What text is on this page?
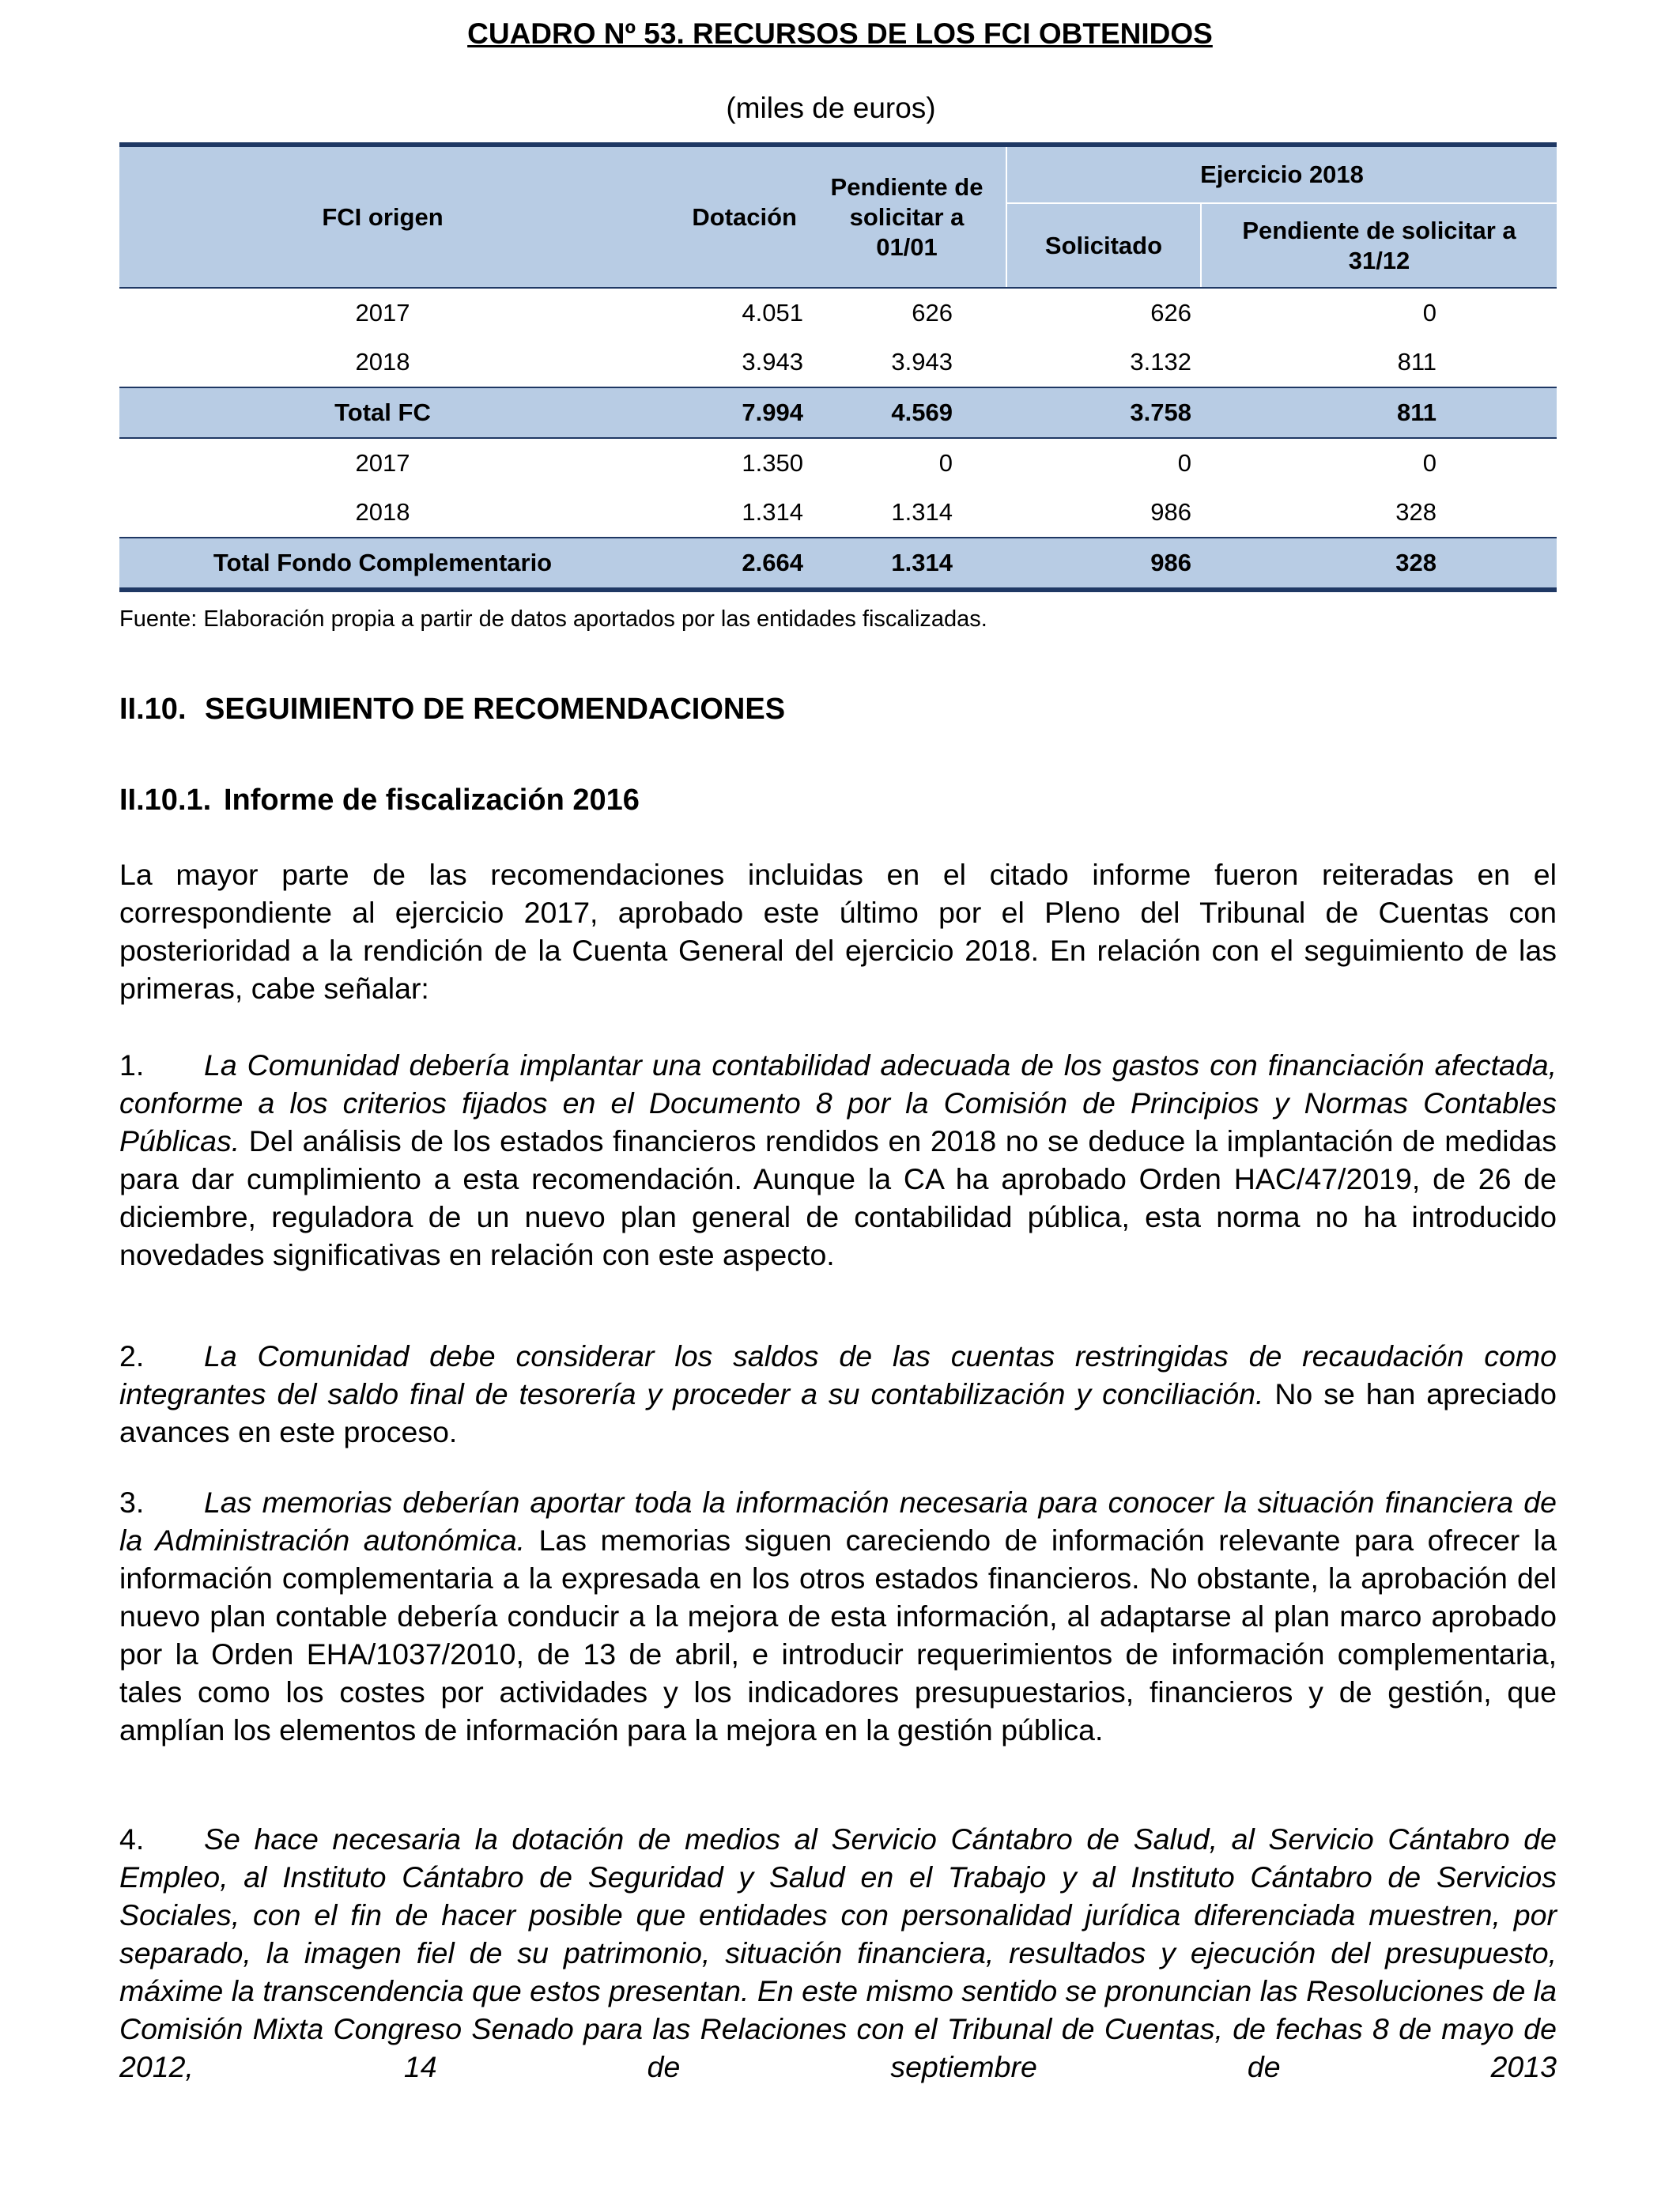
CUADRO Nº 53. RECURSOS DE LOS FCI OBTENIDOS
(miles de euros)
FCI origen	Dotación	Pendiente de solicitar a 01/01	Ejercicio 2018	
			Solicitado	Pendiente de solicitar a 31/12
2017	4.051	626	626	0
2018	3.943	3.943	3.132	811
Total FC	7.994	4.569	3.758	811
2017	1.350	0	0	0
2018	1.314	1.314	986	328
Total Fondo Complementario	2.664	1.314	986	328
Fuente: Elaboración propia a partir de datos aportados por las entidades fiscalizadas.
II.10. SEGUIMIENTO DE RECOMENDACIONES
II.10.1. Informe de fiscalización 2016
La mayor parte de las recomendaciones incluidas en el citado informe fueron reiteradas en el correspondiente al ejercicio 2017, aprobado este último por el Pleno del Tribunal de Cuentas con posterioridad a la rendición de la Cuenta General del ejercicio 2018. En relación con el seguimiento de las primeras, cabe señalar:
1. La Comunidad debería implantar una contabilidad adecuada de los gastos con financiación afectada, conforme a los criterios fijados en el Documento 8 por la Comisión de Principios y Normas Contables Públicas. Del análisis de los estados financieros rendidos en 2018 no se deduce la implantación de medidas para dar cumplimiento a esta recomendación. Aunque la CA ha aprobado Orden HAC/47/2019, de 26 de diciembre, reguladora de un nuevo plan general de contabilidad pública, esta norma no ha introducido novedades significativas en relación con este aspecto.
2. La Comunidad debe considerar los saldos de las cuentas restringidas de recaudación como integrantes del saldo final de tesorería y proceder a su contabilización y conciliación. No se han apreciado avances en este proceso.
3. Las memorias deberían aportar toda la información necesaria para conocer la situación financiera de la Administración autonómica. Las memorias siguen careciendo de información relevante para ofrecer la información complementaria a la expresada en los otros estados financieros. No obstante, la aprobación del nuevo plan contable debería conducir a la mejora de esta información, al adaptarse al plan marco aprobado por la Orden EHA/1037/2010, de 13 de abril, e introducir requerimientos de información complementaria, tales como los costes por actividades y los indicadores presupuestarios, financieros y de gestión, que amplían los elementos de información para la mejora en la gestión pública.
4. Se hace necesaria la dotación de medios al Servicio Cántabro de Salud, al Servicio Cántabro de Empleo, al Instituto Cántabro de Seguridad y Salud en el Trabajo y al Instituto Cántabro de Servicios Sociales, con el fin de hacer posible que entidades con personalidad jurídica diferenciada muestren, por separado, la imagen fiel de su patrimonio, situación financiera, resultados y ejecución del presupuesto, máxime la transcendencia que estos presentan. En este mismo sentido se pronuncian las Resoluciones de la Comisión Mixta Congreso Senado para las Relaciones con el Tribunal de Cuentas, de fechas 8 de mayo de 2012, 14 de septiembre de 2013
